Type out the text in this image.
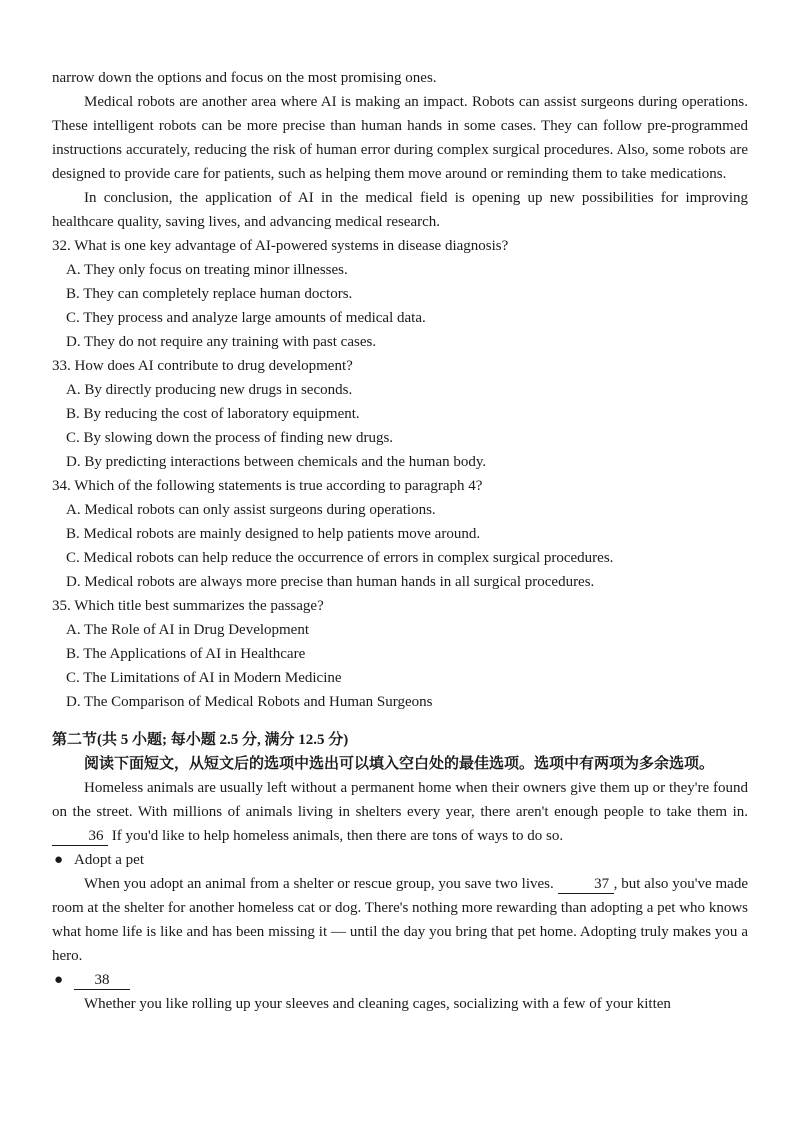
narrow down the options and focus on the most promising ones.

Medical robots are another area where AI is making an impact. Robots can assist surgeons during operations. These intelligent robots can be more precise than human hands in some cases. They can follow pre-programmed instructions accurately, reducing the risk of human error during complex surgical procedures. Also, some robots are designed to provide care for patients, such as helping them move around or reminding them to take medications.

In conclusion, the application of AI in the medical field is opening up new possibilities for improving healthcare quality, saving lives, and advancing medical research.

32. What is one key advantage of AI-powered systems in disease diagnosis?

A. They only focus on treating minor illnesses.

B. They can completely replace human doctors.

C. They process and analyze large amounts of medical data.

D. They do not require any training with past cases.

33. How does AI contribute to drug development?

A. By directly producing new drugs in seconds.

B. By reducing the cost of laboratory equipment.

C. By slowing down the process of finding new drugs.

D. By predicting interactions between chemicals and the human body.

34. Which of the following statements is true according to paragraph 4?

A. Medical robots can only assist surgeons during operations.

B. Medical robots are mainly designed to help patients move around.

C. Medical robots can help reduce the occurrence of errors in complex surgical procedures.

D. Medical robots are always more precise than human hands in all surgical procedures.

35. Which title best summarizes the passage?

A. The Role of AI in Drug Development

B. The Applications of AI in Healthcare

C. The Limitations of AI in Modern Medicine

D. The Comparison of Medical Robots and Human Surgeons

第二节(共 5 小题; 每小题 2.5 分, 满分 12.5 分)

阅读下面短文，从短文后的选项中选出可以填入空白处的最佳选项。选项中有两项为多余选项。

Homeless animals are usually left without a permanent home when their owners give them up or they're found on the street. With millions of animals living in shelters every year, there aren't enough people to take them in. 36 If you'd like to help homeless animals, then there are tons of ways to do so.

● Adopt a pet

When you adopt an animal from a shelter or rescue group, you save two lives.	37 , but also you've made room at the shelter for another homeless cat or dog. There's nothing more rewarding than adopting a pet who knows what home life is like and has been missing it — until the day you bring that pet home. Adopting truly makes you a hero.

●	38

Whether you like rolling up your sleeves and cleaning cages, socializing with a few of your kitten
